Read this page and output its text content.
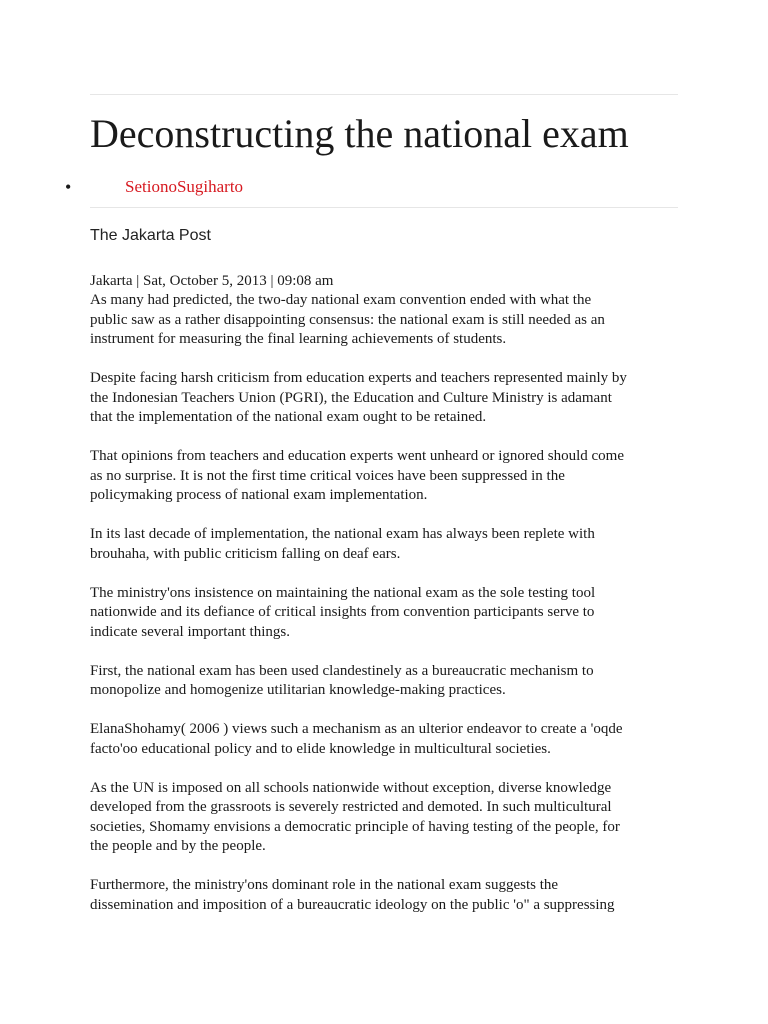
Deconstructing the national exam
•	SetionoSugiharto
The Jakarta Post
Jakarta | Sat, October 5, 2013 | 09:08 am

As many had predicted, the two-day national exam convention ended with what the
public saw as a rather disappointing consensus: the national exam is still needed as an
instrument for measuring the final learning achievements of students.

Despite facing harsh criticism from education experts and teachers represented mainly by
the Indonesian Teachers Union (PGRI), the Education and Culture Ministry is adamant
that the implementation of the national exam ought to be retained.

That opinions from teachers and education experts went unheard or ignored should come
as no surprise. It is not the first time critical voices have been suppressed in the
policymaking process of national exam implementation.

In its last decade of implementation, the national exam has always been replete with
brouhaha, with public criticism falling on deaf ears.

The ministry'ons insistence on maintaining the national exam as the sole testing tool
nationwide and its defiance of critical insights from convention participants serve to
indicate several important things.

First, the national exam has been used clandestinely as a bureaucratic mechanism to
monopolize and homogenize utilitarian knowledge-making practices.

ElanaShohamy( 2006 ) views such a mechanism as an ulterior endeavor to create a 'oqde
facto'oo educational policy and to elide knowledge in multicultural societies.

As the UN is imposed on all schools nationwide without exception, diverse knowledge
developed from the grassroots is severely restricted and demoted. In such multicultural
societies, Shomamy envisions a democratic principle of having testing of the people, for
the people and by the people.

Furthermore, the ministry'ons dominant role in the national exam suggests the
dissemination and imposition of a bureaucratic ideology on the public 'o" a suppressing
